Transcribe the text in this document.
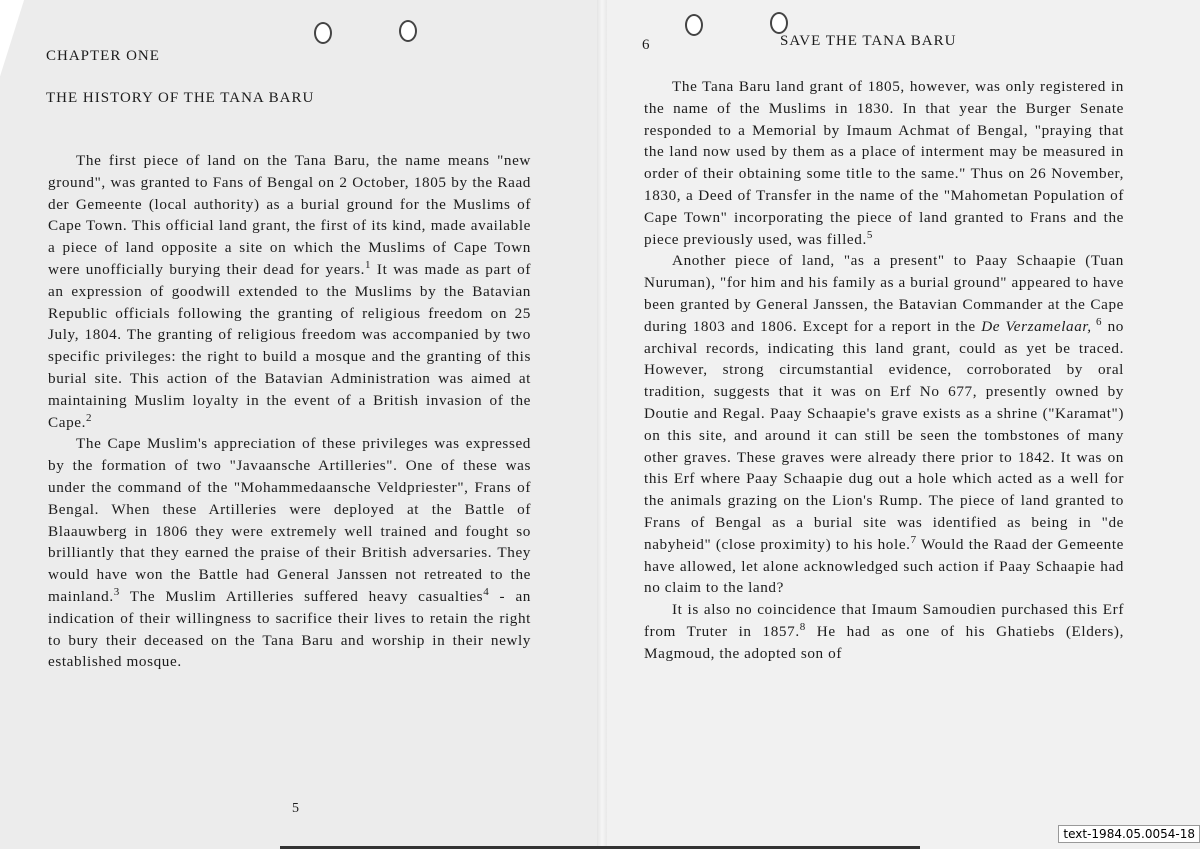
CHAPTER ONE
THE HISTORY OF THE TANA BARU

The first piece of land on the Tana Baru, the name means "new ground", was granted to Fans of Bengal on 2 October, 1805 by the Raad der Gemeente (local authority) as a burial ground for the Muslims of Cape Town. This official land grant, the first of its kind, made available a piece of land opposite a site on which the Muslims of Cape Town were unofficially burying their dead for years.$^1$ It was made as part of an expression of goodwill extended to the Muslims by the Batavian Republic officials following the granting of religious freedom on 25 July, 1804. The granting of religious freedom was accompanied by two specific privileges: the right to build a mosque and the granting of this burial site. This action of the Batavian Administration was aimed at maintaining Muslim loyalty in the event of a British invasion of the Cape.$^2$

The Cape Muslim's appreciation of these privileges was expressed by the formation of two "Javaansche Artilleries". One of these was under the command of the "Mohammedaansche Veldpriester", Frans of Bengal. When these Artilleries were deployed at the Battle of Blaauwberg in 1806 they were extremely well trained and fought so brilliantly that they earned the praise of their British adversaries. They would have won the Battle had General Janssen not retreated to the mainland.$^3$ The Muslim Artilleries suffered heavy casualties$^4$ - an indication of their willingness to sacrifice their lives to retain the right to bury their deceased on the Tana Baru and worship in their newly established mosque.

5
6	SAVE THE TANA BARU

The Tana Baru land grant of 1805, however, was only registered in the name of the Muslims in 1830. In that year the Burger Senate responded to a Memorial by Imaum Achmat of Bengal, "praying that the land now used by them as a place of interment may be measured in order of their obtaining some title to the same." Thus on 26 November, 1830, a Deed of Transfer in the name of the "Mahometan Population of Cape Town" incorporating the piece of land granted to Frans and the piece previously used, was filled.$^5$

Another piece of land, "as a present" to Paay Schaapie (Tuan Nuruman), "for him and his family as a burial ground" appeared to have been granted by General Janssen, the Batavian Commander at the Cape during 1803 and 1806. Except for a report in the De Verzamelaar, $^6$ no archival records, indicating this land grant, could as yet be traced. However, strong circumstantial evidence, corroborated by oral tradition, suggests that it was on Erf No 677, presently owned by Doutie and Regal. Paay Schaapie's grave exists as a shrine ("Karamat") on this site, and around it can still be seen the tombstones of many other graves. These graves were already there prior to 1842. It was on this Erf where Paay Schaapie dug out a hole which acted as a well for the animals grazing on the Lion's Rump. The piece of land granted to Frans of Bengal as a burial site was identified as being in "de nabyheid" (close proximity) to his hole.$^7$ Would the Raad der Gemeente have allowed, let alone acknowledged such action if Paay Schaapie had no claim to the land?

It is also no coincidence that Imaum Samoudien purchased this Erf from Truter in 1857.$^8$ He had as one of his Ghatiebs (Elders), Magmoud, the adopted son of

text-1984.05.0054-18
